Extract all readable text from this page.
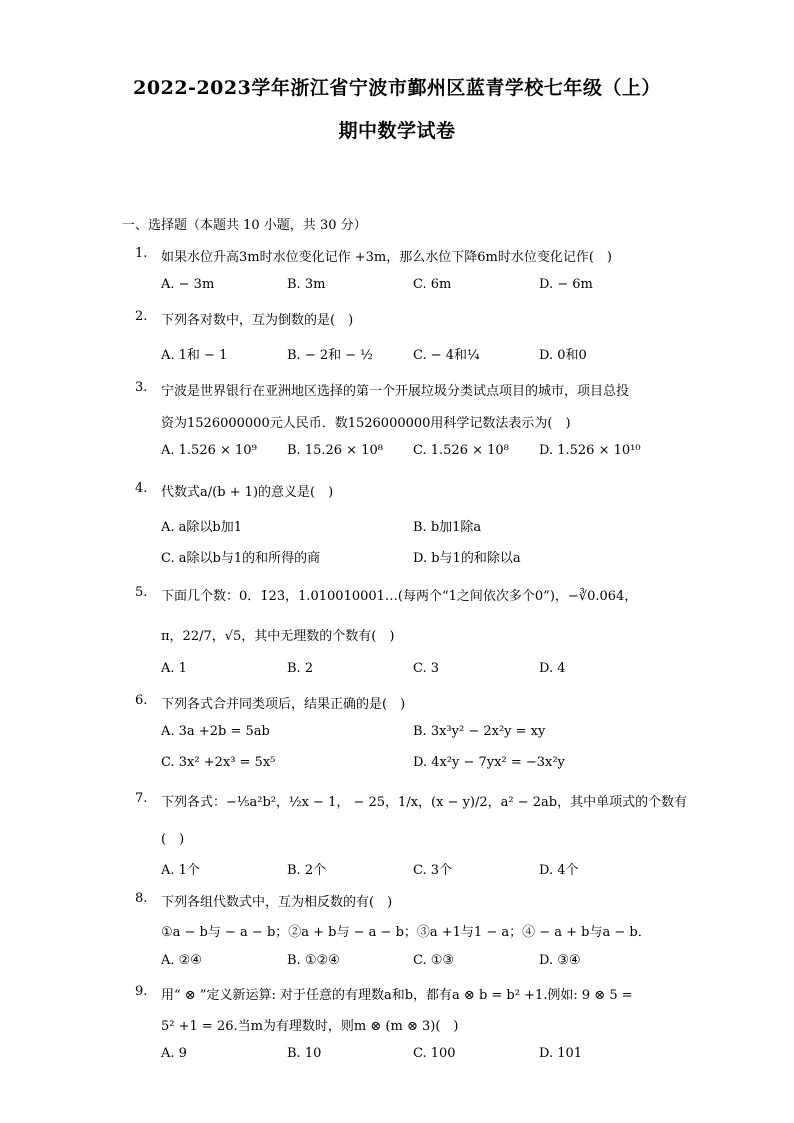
2022-2023学年浙江省宁波市鄞州区蓝青学校七年级（上）
期中数学试卷
一、选择题（本题共 10 小题，共 30 分）
1.	如果水位升高3m时水位变化记作 +3m，那么水位下降6m时水位变化记作(　)
A. − 3m	B. 3m	C. 6m	D. − 6m
2.	下列各对数中，互为倒数的是(　)
A. 1和 − 1	B. − 2和 − ½	C. − 4和¼	D. 0和0
3.	宁波是世界银行在亚洲地区选择的第一个开展垃圾分类试点项目的城市，项目总投
资为1526000000元人民币．数1526000000用科学记数法表示为(　)
A. 1.526 × 10⁹ B. 15.26 × 10⁸ C. 1.526 × 10⁸ D. 1.526 × 10¹⁰
4.	代数式a/(b + 1)的意义是(　)
A. a除以b加1	B. b加1除a
C. a除以b与1的和所得的商	D. b与1的和除以a
5.	下面几个数：0．1̇23̇，1.010010001…(每两个“1之间依次多个0”)，−∛0.064，
π，22/7，√5，其中无理数的个数有(　)
A. 1	B. 2	C. 3	D. 4
6.	下列各式合并同类项后，结果正确的是(　)
A. 3a +2b = 5ab	B. 3x³y² − 2x²y = xy
C. 3x² +2x³ = 5x⁵	D. 4x²y − 7yx² = −3x²y
7.	下列各式：−⅕a²b²，½x − 1， − 25，1/x，(x − y)/2，a² − 2ab，其中单项式的个数有
(　)
A. 1个	B. 2个	C. 3个	D. 4个
8.	下列各组代数式中，互为相反数的有(　)
①a − b与 − a − b；②a + b与 − a − b；③a +1与1 − a；④ − a + b与a − b．
A. ②④	B. ①②④	C. ①③	D. ③④
9.	用“ ⊗ ”定义新运算: 对于任意的有理数a和b，都有a ⊗ b = b² +1.例如: 9 ⊗ 5 =
5² +1 = 26.当m为有理数时，则m ⊗ (m ⊗ 3)(　)
A. 9	B. 10	C. 100	D. 101
